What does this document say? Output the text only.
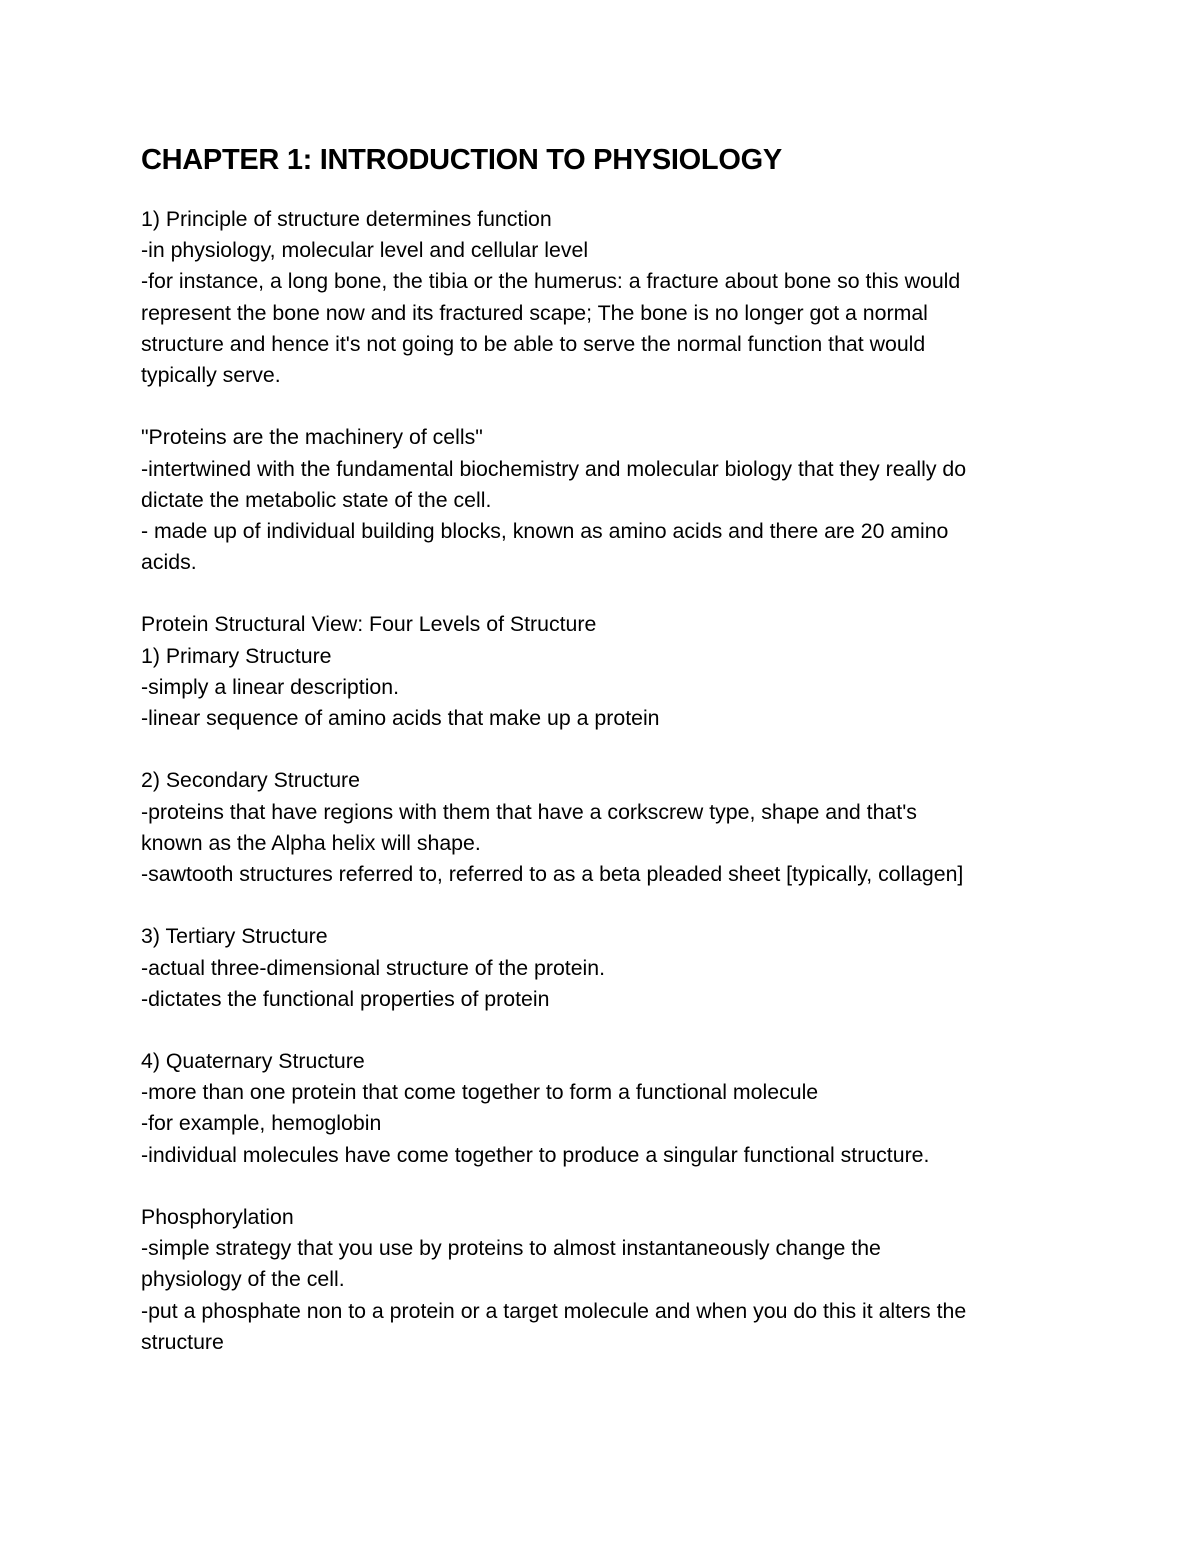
CHAPTER 1: INTRODUCTION TO PHYSIOLOGY
1) Principle of structure determines function
-in physiology, molecular level and cellular level
-for instance, a long bone, the tibia or the humerus: a fracture about bone so this would
represent the bone now and its fractured scape; The bone is no longer got a normal
structure and hence it's not going to be able to serve the normal function that would
typically serve.
"Proteins are the machinery of cells"
-intertwined with the fundamental biochemistry and molecular biology that they really do
dictate the metabolic state of the cell.
- made up of individual building blocks, known as amino acids and there are 20 amino
acids.
Protein Structural View: Four Levels of Structure
1) Primary Structure
-simply a linear description.
-linear sequence of amino acids that make up a protein
2) Secondary Structure
-proteins that have regions with them that have a corkscrew type, shape and that's
known as the Alpha helix will shape.
-sawtooth structures referred to, referred to as a beta pleaded sheet [typically, collagen]
3) Tertiary Structure
-actual three-dimensional structure of the protein.
-dictates the functional properties of protein
4) Quaternary Structure
-more than one protein that come together to form a functional molecule
-for example, hemoglobin
-individual molecules have come together to produce a singular functional structure.
Phosphorylation
-simple strategy that you use by proteins to almost instantaneously change the
physiology of the cell.
-put a phosphate non to a protein or a target molecule and when you do this it alters the
structure
